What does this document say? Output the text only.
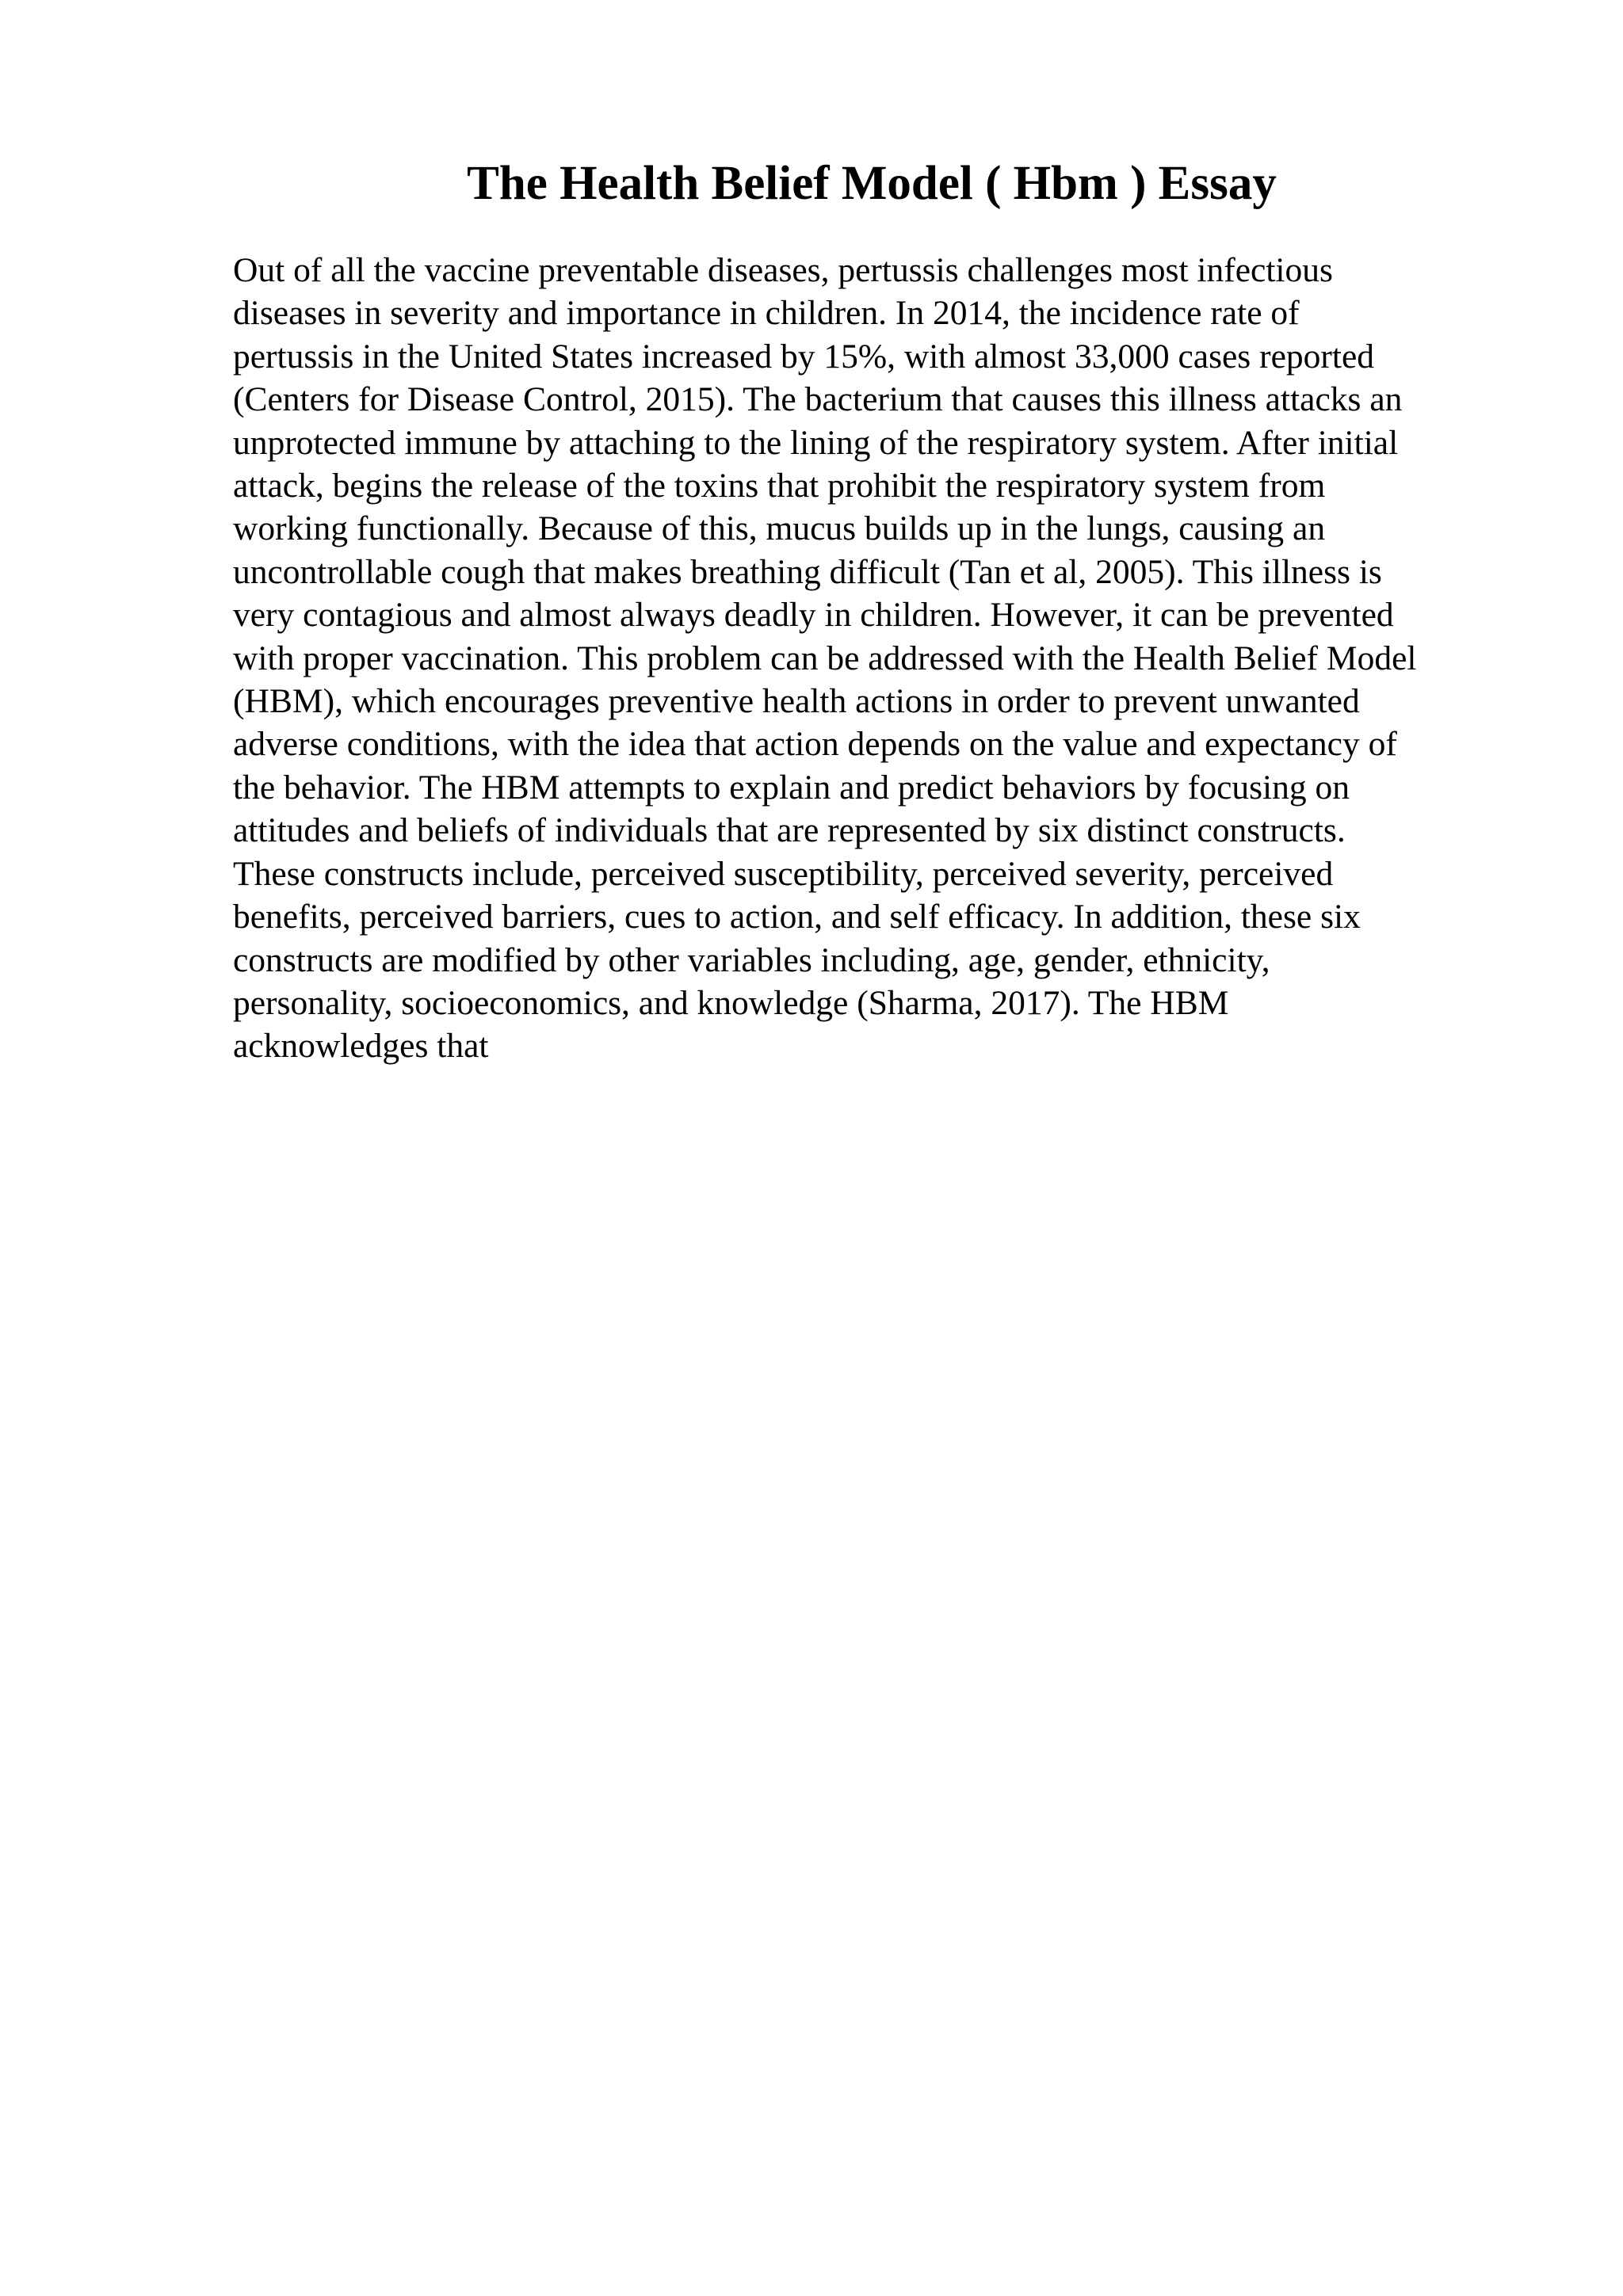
The Health Belief Model ( Hbm ) Essay
Out of all the vaccine preventable diseases, pertussis challenges most infectious
diseases in severity and importance in children. In 2014, the incidence rate of
pertussis in the United States increased by 15%, with almost 33,000 cases reported
(Centers for Disease Control, 2015). The bacterium that causes this illness attacks an
unprotected immune by attaching to the lining of the respiratory system. After initial
attack, begins the release of the toxins that prohibit the respiratory system from
working functionally. Because of this, mucus builds up in the lungs, causing an
uncontrollable cough that makes breathing difficult (Tan et al, 2005). This illness is
very contagious and almost always deadly in children. However, it can be prevented
with proper vaccination. This problem can be addressed with the Health Belief Model
(HBM), which encourages preventive health actions in order to prevent unwanted
adverse conditions, with the idea that action depends on the value and expectancy of
the behavior. The HBM attempts to explain and predict behaviors by focusing on
attitudes and beliefs of individuals that are represented by six distinct constructs.
These constructs include, perceived susceptibility, perceived severity, perceived
benefits, perceived barriers, cues to action, and self efficacy. In addition, these six
constructs are modified by other variables including, age, gender, ethnicity,
personality, socioeconomics, and knowledge (Sharma, 2017). The HBM
acknowledges that
